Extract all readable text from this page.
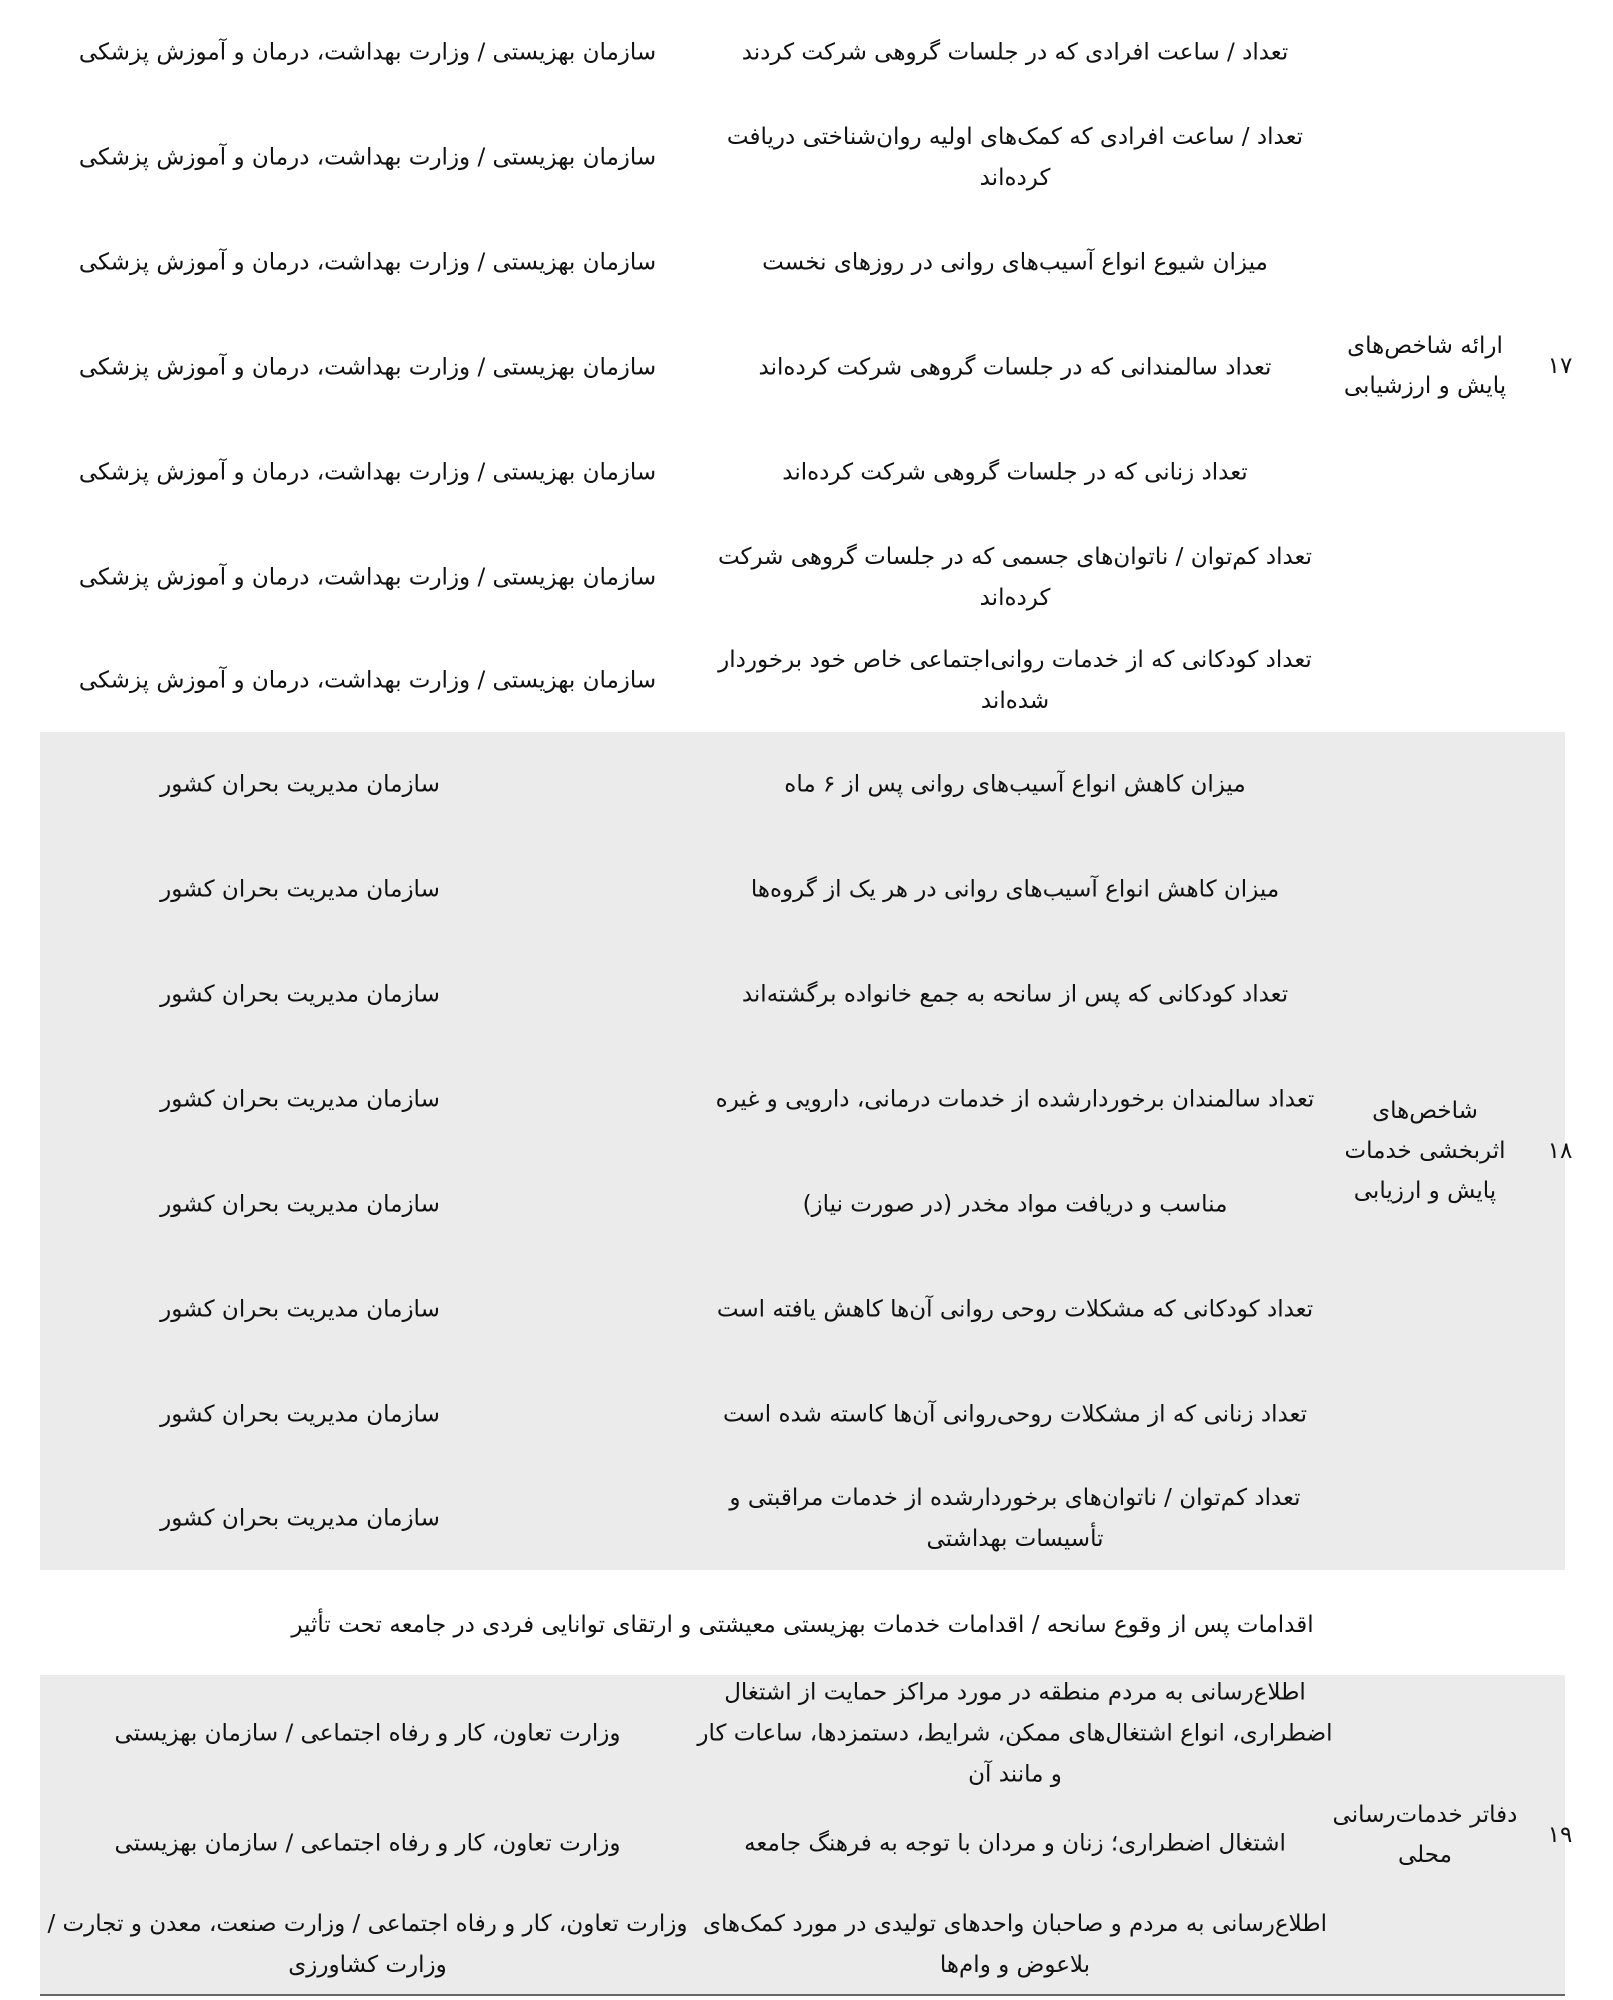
۱۷
ارائه شاخص‌های پایش و ارزشیابی
تعداد / ساعت افرادی که در جلسات گروهی شرکت کردند
سازمان بهزیستی / وزارت بهداشت، درمان و آموزش پزشکی
تعداد / ساعت افرادی که کمک‌های اولیه روان‌شناختی دریافت کرده‌اند
سازمان بهزیستی / وزارت بهداشت، درمان و آموزش پزشکی
میزان شیوع انواع آسیب‌های روانی در روزهای نخست
سازمان بهزیستی / وزارت بهداشت، درمان و آموزش پزشکی
تعداد سالمندانی که در جلسات گروهی شرکت کرده‌اند
سازمان بهزیستی / وزارت بهداشت، درمان و آموزش پزشکی
تعداد زنانی که در جلسات گروهی شرکت کرده‌اند
سازمان بهزیستی / وزارت بهداشت، درمان و آموزش پزشکی
تعداد کم‌توان / ناتوان‌های جسمی که در جلسات گروهی شرکت کرده‌اند
سازمان بهزیستی / وزارت بهداشت، درمان و آموزش پزشکی
تعداد کودکانی که از خدمات روانی‌اجتماعی خاص خود برخوردار شده‌اند
سازمان بهزیستی / وزارت بهداشت، درمان و آموزش پزشکی
۱۸
شاخص‌های اثربخشی خدمات پایش و ارزیابی
میزان کاهش انواع آسیب‌های روانی پس از ۶ ماه
سازمان مدیریت بحران کشور
میزان کاهش انواع آسیب‌های روانی در هر یک از گروه‌ها
سازمان مدیریت بحران کشور
تعداد کودکانی که پس از سانحه به جمع خانواده برگشته‌اند
سازمان مدیریت بحران کشور
تعداد سالمندان برخوردارشده از خدمات درمانی، دارویی و غیره
سازمان مدیریت بحران کشور
مناسب و دریافت مواد مخدر (در صورت نیاز)
سازمان مدیریت بحران کشور
تعداد کودکانی که مشکلات روحی روانی آن‌ها کاهش یافته است
سازمان مدیریت بحران کشور
تعداد زنانی که از مشکلات روحی‌روانی آن‌ها کاسته شده است
سازمان مدیریت بحران کشور
تعداد کم‌توان / ناتوان‌های برخوردارشده از خدمات مراقبتی و تأسیسات بهداشتی
سازمان مدیریت بحران کشور
اقدامات پس از وقوع سانحه / اقدامات خدمات بهزیستی معیشتی و ارتقای توانایی فردی در جامعه تحت تأثیر
۱۹
دفاتر خدمات‌رسانی محلی
اطلاع‌رسانی به مردم منطقه در مورد مراکز حمایت از اشتغال اضطراری، انواع اشتغال‌های ممکن، شرایط، دستمزدها، ساعات کار و مانند آن
وزارت تعاون، کار و رفاه اجتماعی / سازمان بهزیستی
اشتغال اضطراری؛ زنان و مردان با توجه به فرهنگ جامعه
وزارت تعاون، کار و رفاه اجتماعی / سازمان بهزیستی
اطلاع‌رسانی به مردم و صاحبان واحدهای تولیدی در مورد کمک‌های بلاعوض و وام‌ها
وزارت تعاون، کار و رفاه اجتماعی / وزارت صنعت، معدن و تجارت / وزارت کشاورزی
